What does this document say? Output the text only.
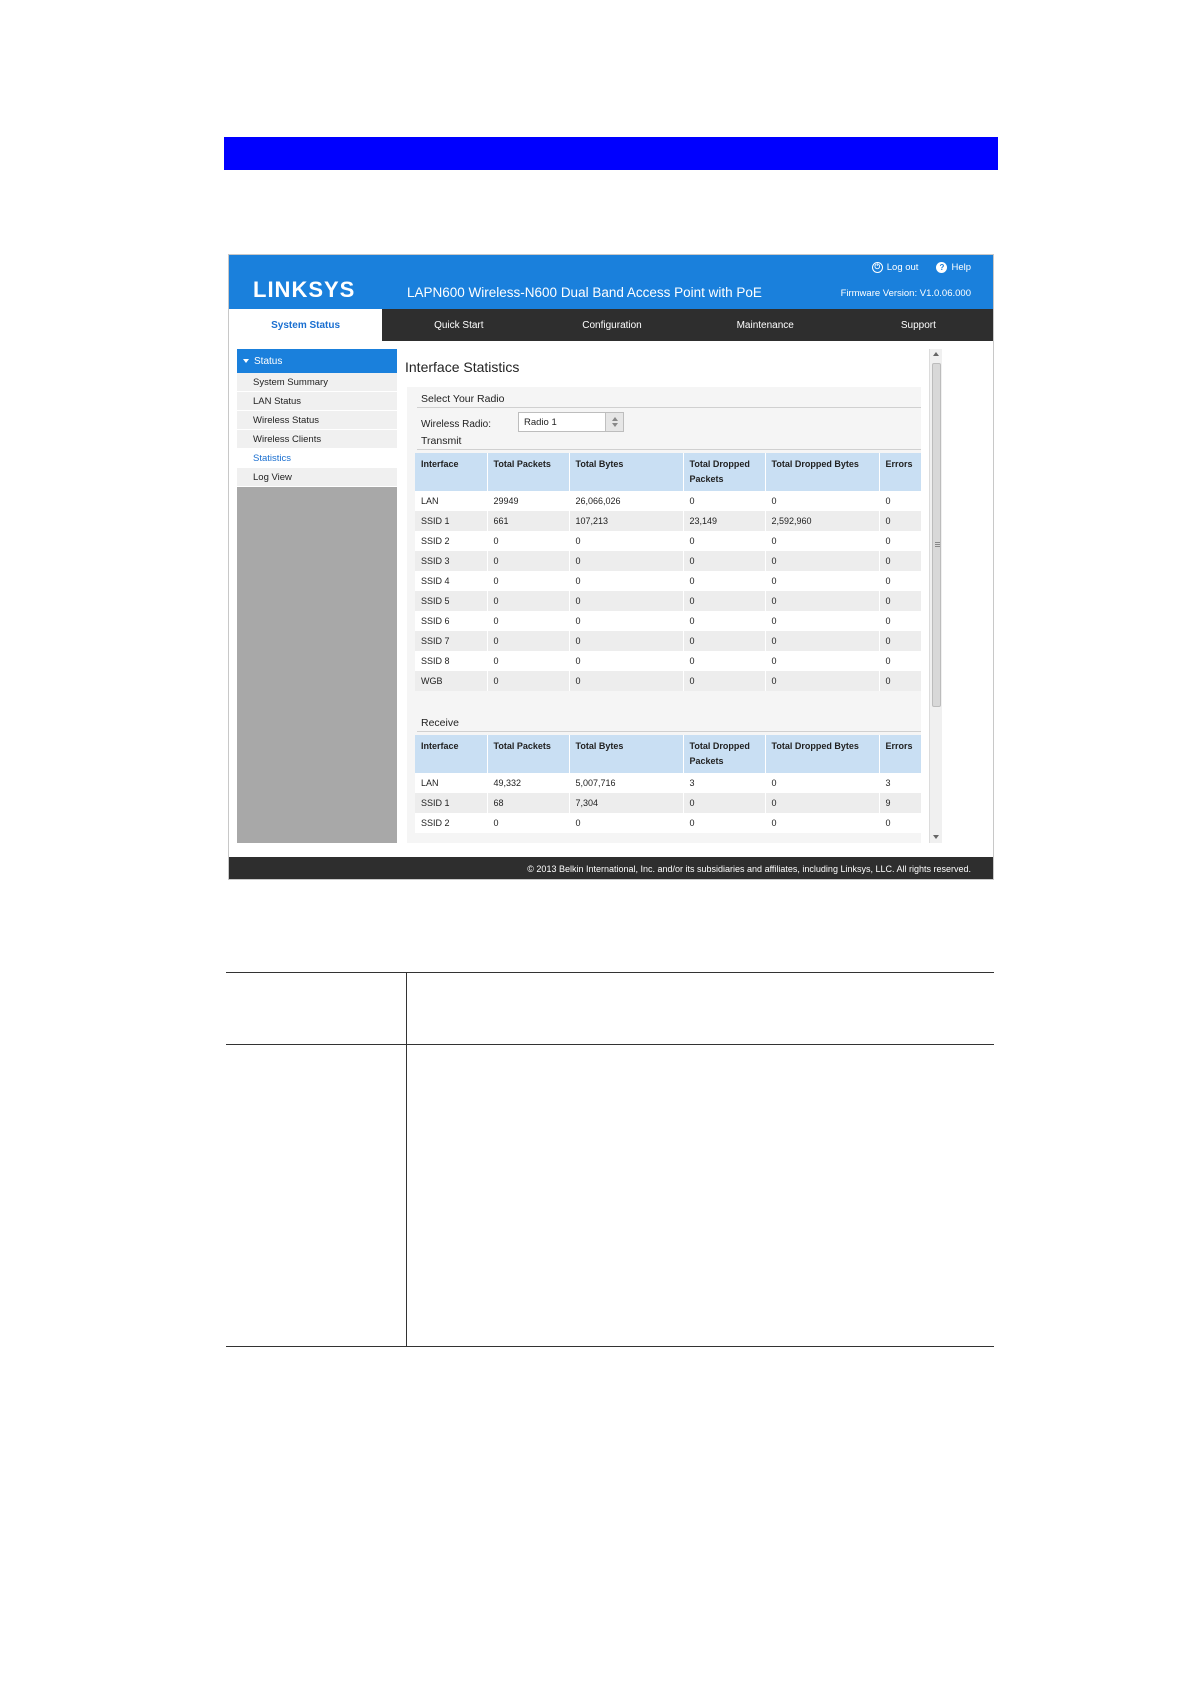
LINKSYS	LAPN600 Wireless-N600 Dual Band Access Point with PoE
⏻ Log out	? Help
Firmware Version: V1.0.06.000
System Status	Quick Start	Configuration	Maintenance	Support
Status
System Summary
LAN Status
Wireless Status
Wireless Clients
Statistics
Log View
Interface Statistics
Select Your Radio
Wireless Radio:	Radio 1
Transmit
Interface	Total Packets	Total Bytes	Total Dropped Packets	Total Dropped Bytes	Errors
LAN	29949	26,066,026	0	0	0
SSID 1	661	107,213	23,149	2,592,960	0
SSID 2	0	0	0	0	0
SSID 3	0	0	0	0	0
SSID 4	0	0	0	0	0
SSID 5	0	0	0	0	0
SSID 6	0	0	0	0	0
SSID 7	0	0	0	0	0
SSID 8	0	0	0	0	0
WGB	0	0	0	0	0
Receive
Interface	Total Packets	Total Bytes	Total Dropped Packets	Total Dropped Bytes	Errors
LAN	49,332	5,007,716	3	0	3
SSID 1	68	7,304	0	0	9
SSID 2	0	0	0	0	0
© 2013 Belkin International, Inc. and/or its subsidiaries and affiliates, including Linksys, LLC. All rights reserved.
